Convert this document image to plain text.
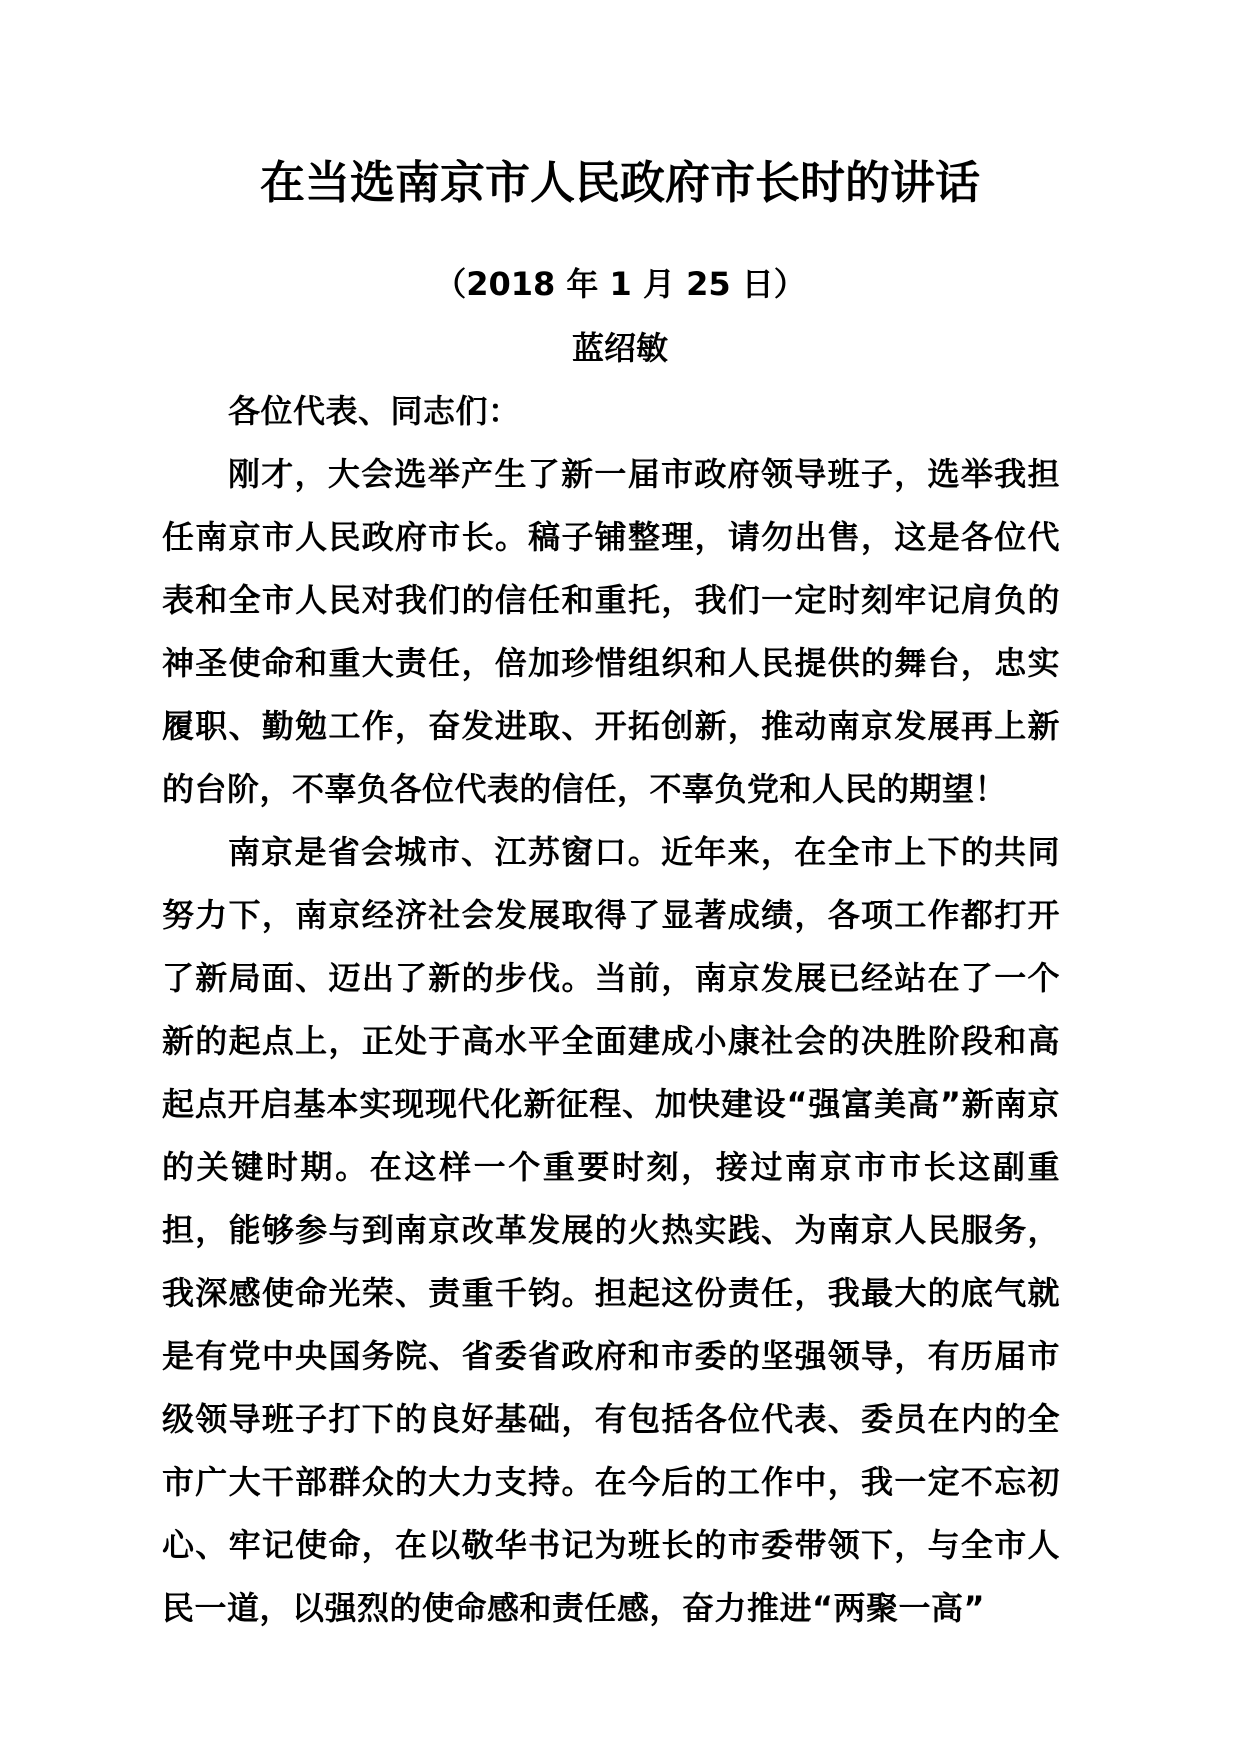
在当选南京市人民政府市长时的讲话
（2018 年 1 月 25 日）
蓝绍敏

各位代表、同志们：

刚才，大会选举产生了新一届市政府领导班子，选举我担任南京市人民政府市长。稿子铺整理，请勿出售，这是各位代表和全市人民对我们的信任和重托，我们一定时刻牢记肩负的神圣使命和重大责任，倍加珍惜组织和人民提供的舞台，忠实履职、勤勉工作，奋发进取、开拓创新，推动南京发展再上新的台阶，不辜负各位代表的信任，不辜负党和人民的期望！

南京是省会城市、江苏窗口。近年来，在全市上下的共同努力下，南京经济社会发展取得了显著成绩，各项工作都打开了新局面、迈出了新的步伐。当前，南京发展已经站在了一个新的起点上，正处于高水平全面建成小康社会的决胜阶段和高起点开启基本实现现代化新征程、加快建设“强富美高”新南京的关键时期。在这样一个重要时刻，接过南京市市长这副重担，能够参与到南京改革发展的火热实践、为南京人民服务，我深感使命光荣、责重千钧。担起这份责任，我最大的底气就是有党中央国务院、省委省政府和市委的坚强领导，有历届市级领导班子打下的良好基础，有包括各位代表、委员在内的全市广大干部群众的大力支持。在今后的工作中，我一定不忘初心、牢记使命，在以敬华书记为班长的市委带领下，与全市人民一道，以强烈的使命感和责任感，奋力推进“两聚一高”
